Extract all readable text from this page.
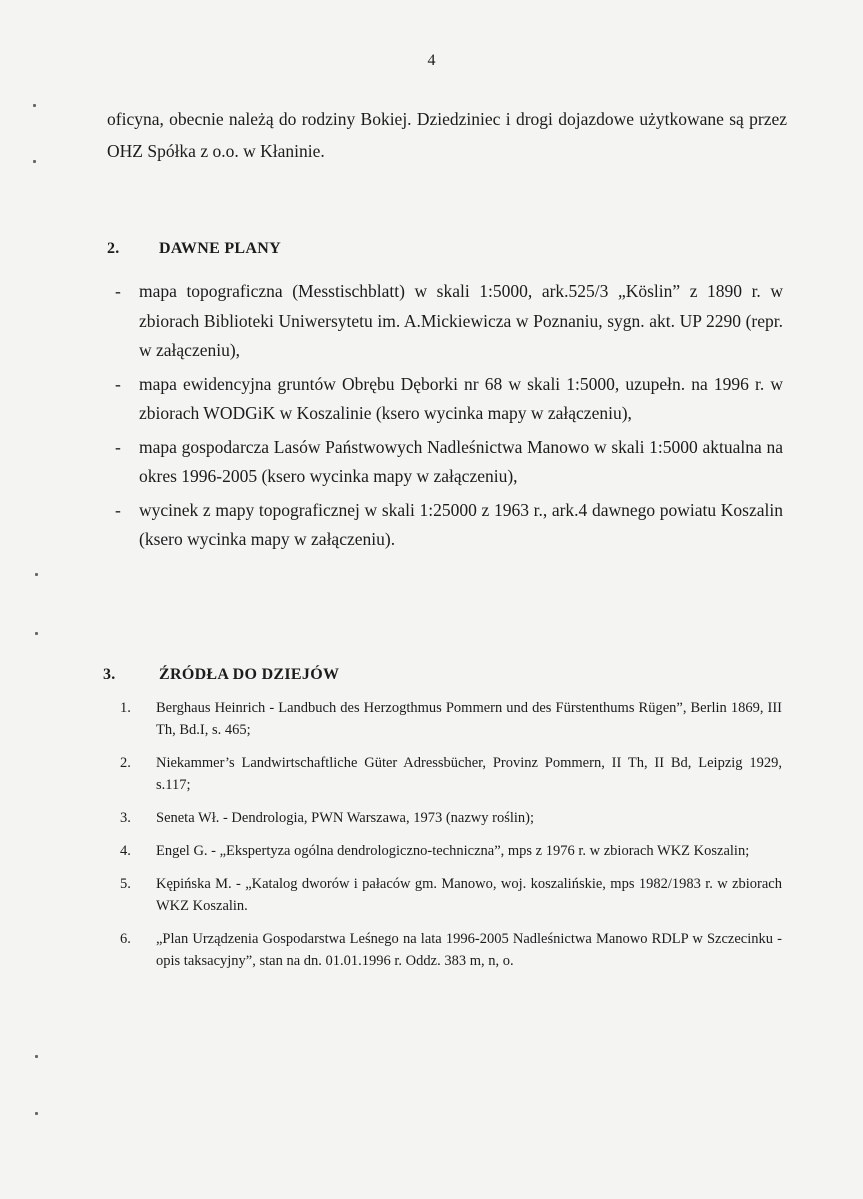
4
oficyna, obecnie należą do rodziny Bokiej. Dziedziniec i drogi dojazdowe użytkowane są przez OHZ Spółka z o.o. w Kłaninie.
2. DAWNE PLANY
- mapa topograficzna (Messtischblatt) w skali 1:5000, ark.525/3 „Köslin” z 1890 r. w zbiorach Biblioteki Uniwersytetu im. A.Mickiewicza w Poznaniu, sygn. akt. UP 2290 (repr. w załączeniu),
- mapa ewidencyjna gruntów Obrębu Dęborki nr 68 w skali 1:5000, uzupełn. na 1996 r. w zbiorach WODGiK w Koszalinie (ksero wycinka mapy w załączeniu),
- mapa gospodarcza Lasów Państwowych Nadleśnictwa Manowo w skali 1:5000 aktualna na okres 1996-2005 (ksero wycinka mapy w załączeniu),
- wycinek z mapy topograficznej w skali 1:25000 z 1963 r., ark.4 dawnego powiatu Koszalin (ksero wycinka mapy w załączeniu).
3.	ŹRÓDŁA DO DZIEJÓW
1. Berghaus Heinrich - Landbuch des Herzogthmus Pommern und des Fürstenthums Rügen”, Berlin 1869, III Th, Bd.I, s. 465;
2. Niekammer’s Landwirtschaftliche Güter Adressbücher, Provinz Pommern, II Th, II Bd, Leipzig 1929, s.117;
3. Seneta Wł. - Dendrologia, PWN Warszawa, 1973 (nazwy roślin);
4. Engel G. - „Ekspertyza ogólna dendrologiczno-techniczna”, mps z 1976 r. w zbiorach WKZ Koszalin;
5. Kępińska M. - „Katalog dworów i pałaców gm. Manowo, woj. koszalińskie, mps 1982/1983 r. w zbiorach WKZ Koszalin.
6. „Plan Urządzenia Gospodarstwa Leśnego na lata 1996-2005 Nadleśnictwa Manowo RDLP w Szczecinku - opis taksacyjny”, stan na dn. 01.01.1996 r. Oddz. 383 m, n, o.
